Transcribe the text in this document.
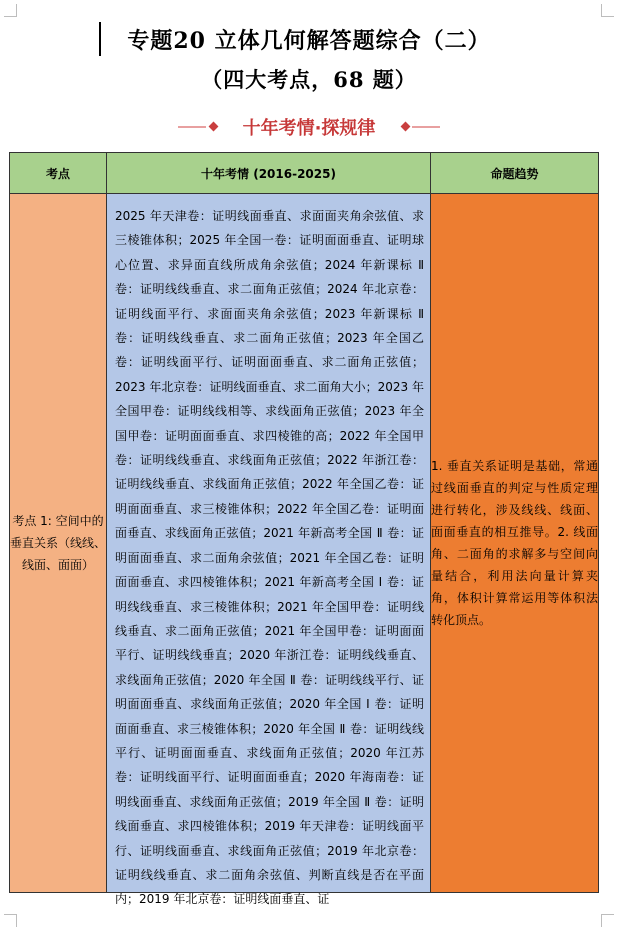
专题20 立体几何解答题综合（二）
（四大考点，68 题）
十年考情·探规律
考点	十年考情 (2016-2025)	命题趋势
考点 1: 空间中的垂直关系（线线、线面、面面）	2025 年天津卷：证明线面垂直、求面面夹角余弦值、求三棱锥体积；2025 年全国一卷：证明面面垂直、证明球心位置、求异面直线所成角余弦值；2024 年新课标 Ⅱ 卷：证明线线垂直、求二面角正弦值；2024 年北京卷：证明线面平行、求面面夹角余弦值；2023 年新课标 Ⅱ 卷：证明线线垂直、求二面角正弦值；2023 年全国乙卷：证明线面平行、证明面面垂直、求二面角正弦值；2023 年北京卷：证明线面垂直、求二面角大小；2023 年全国甲卷：证明线线相等、求线面角正弦值；2023 年全国甲卷：证明面面垂直、求四棱锥的高；2022 年全国甲卷：证明线线垂直、求线面角正弦值；2022 年浙江卷：证明线线垂直、求线面角正弦值；2022 年全国乙卷：证明面面垂直、求三棱锥体积；2022 年全国乙卷：证明面面垂直、求线面角正弦值；2021 年新高考全国 Ⅱ 卷：证明面面垂直、求二面角余弦值；2021 年全国乙卷：证明面面垂直、求四棱锥体积；2021 年新高考全国 Ⅰ 卷：证明线线垂直、求三棱锥体积；2021 年全国甲卷：证明线线垂直、求二面角正弦值；2021 年全国甲卷：证明面面平行、证明线线垂直；2020 年浙江卷：证明线线垂直、求线面角正弦值；2020 年全国 Ⅱ 卷：证明线线平行、证明面面垂直、求线面角正弦值；2020 年全国 Ⅰ 卷：证明面面垂直、求三棱锥体积；2020 年全国 Ⅱ 卷：证明线线平行、证明面面垂直、求线面角正弦值；2020 年江苏卷：证明线面平行、证明面面垂直；2020 年海南卷：证明线面垂直、求线面角正弦值；2019 年全国 Ⅱ 卷：证明线面垂直、求四棱锥体积；2019 年天津卷：证明线面平行、证明线面垂直、求线面角正弦值；2019 年北京卷：证明线线垂直、求二面角余弦值、判断直线是否在平面内；2019 年北京卷：证明线面垂直、证	1. 垂直关系证明是基础，常通过线面垂直的判定与性质定理进行转化，涉及线线、线面、面面垂直的相互推导。2. 线面角、二面角的求解多与空间向量结合，利用法向量计算夹角，体积计算常运用等体积法转化顶点。
